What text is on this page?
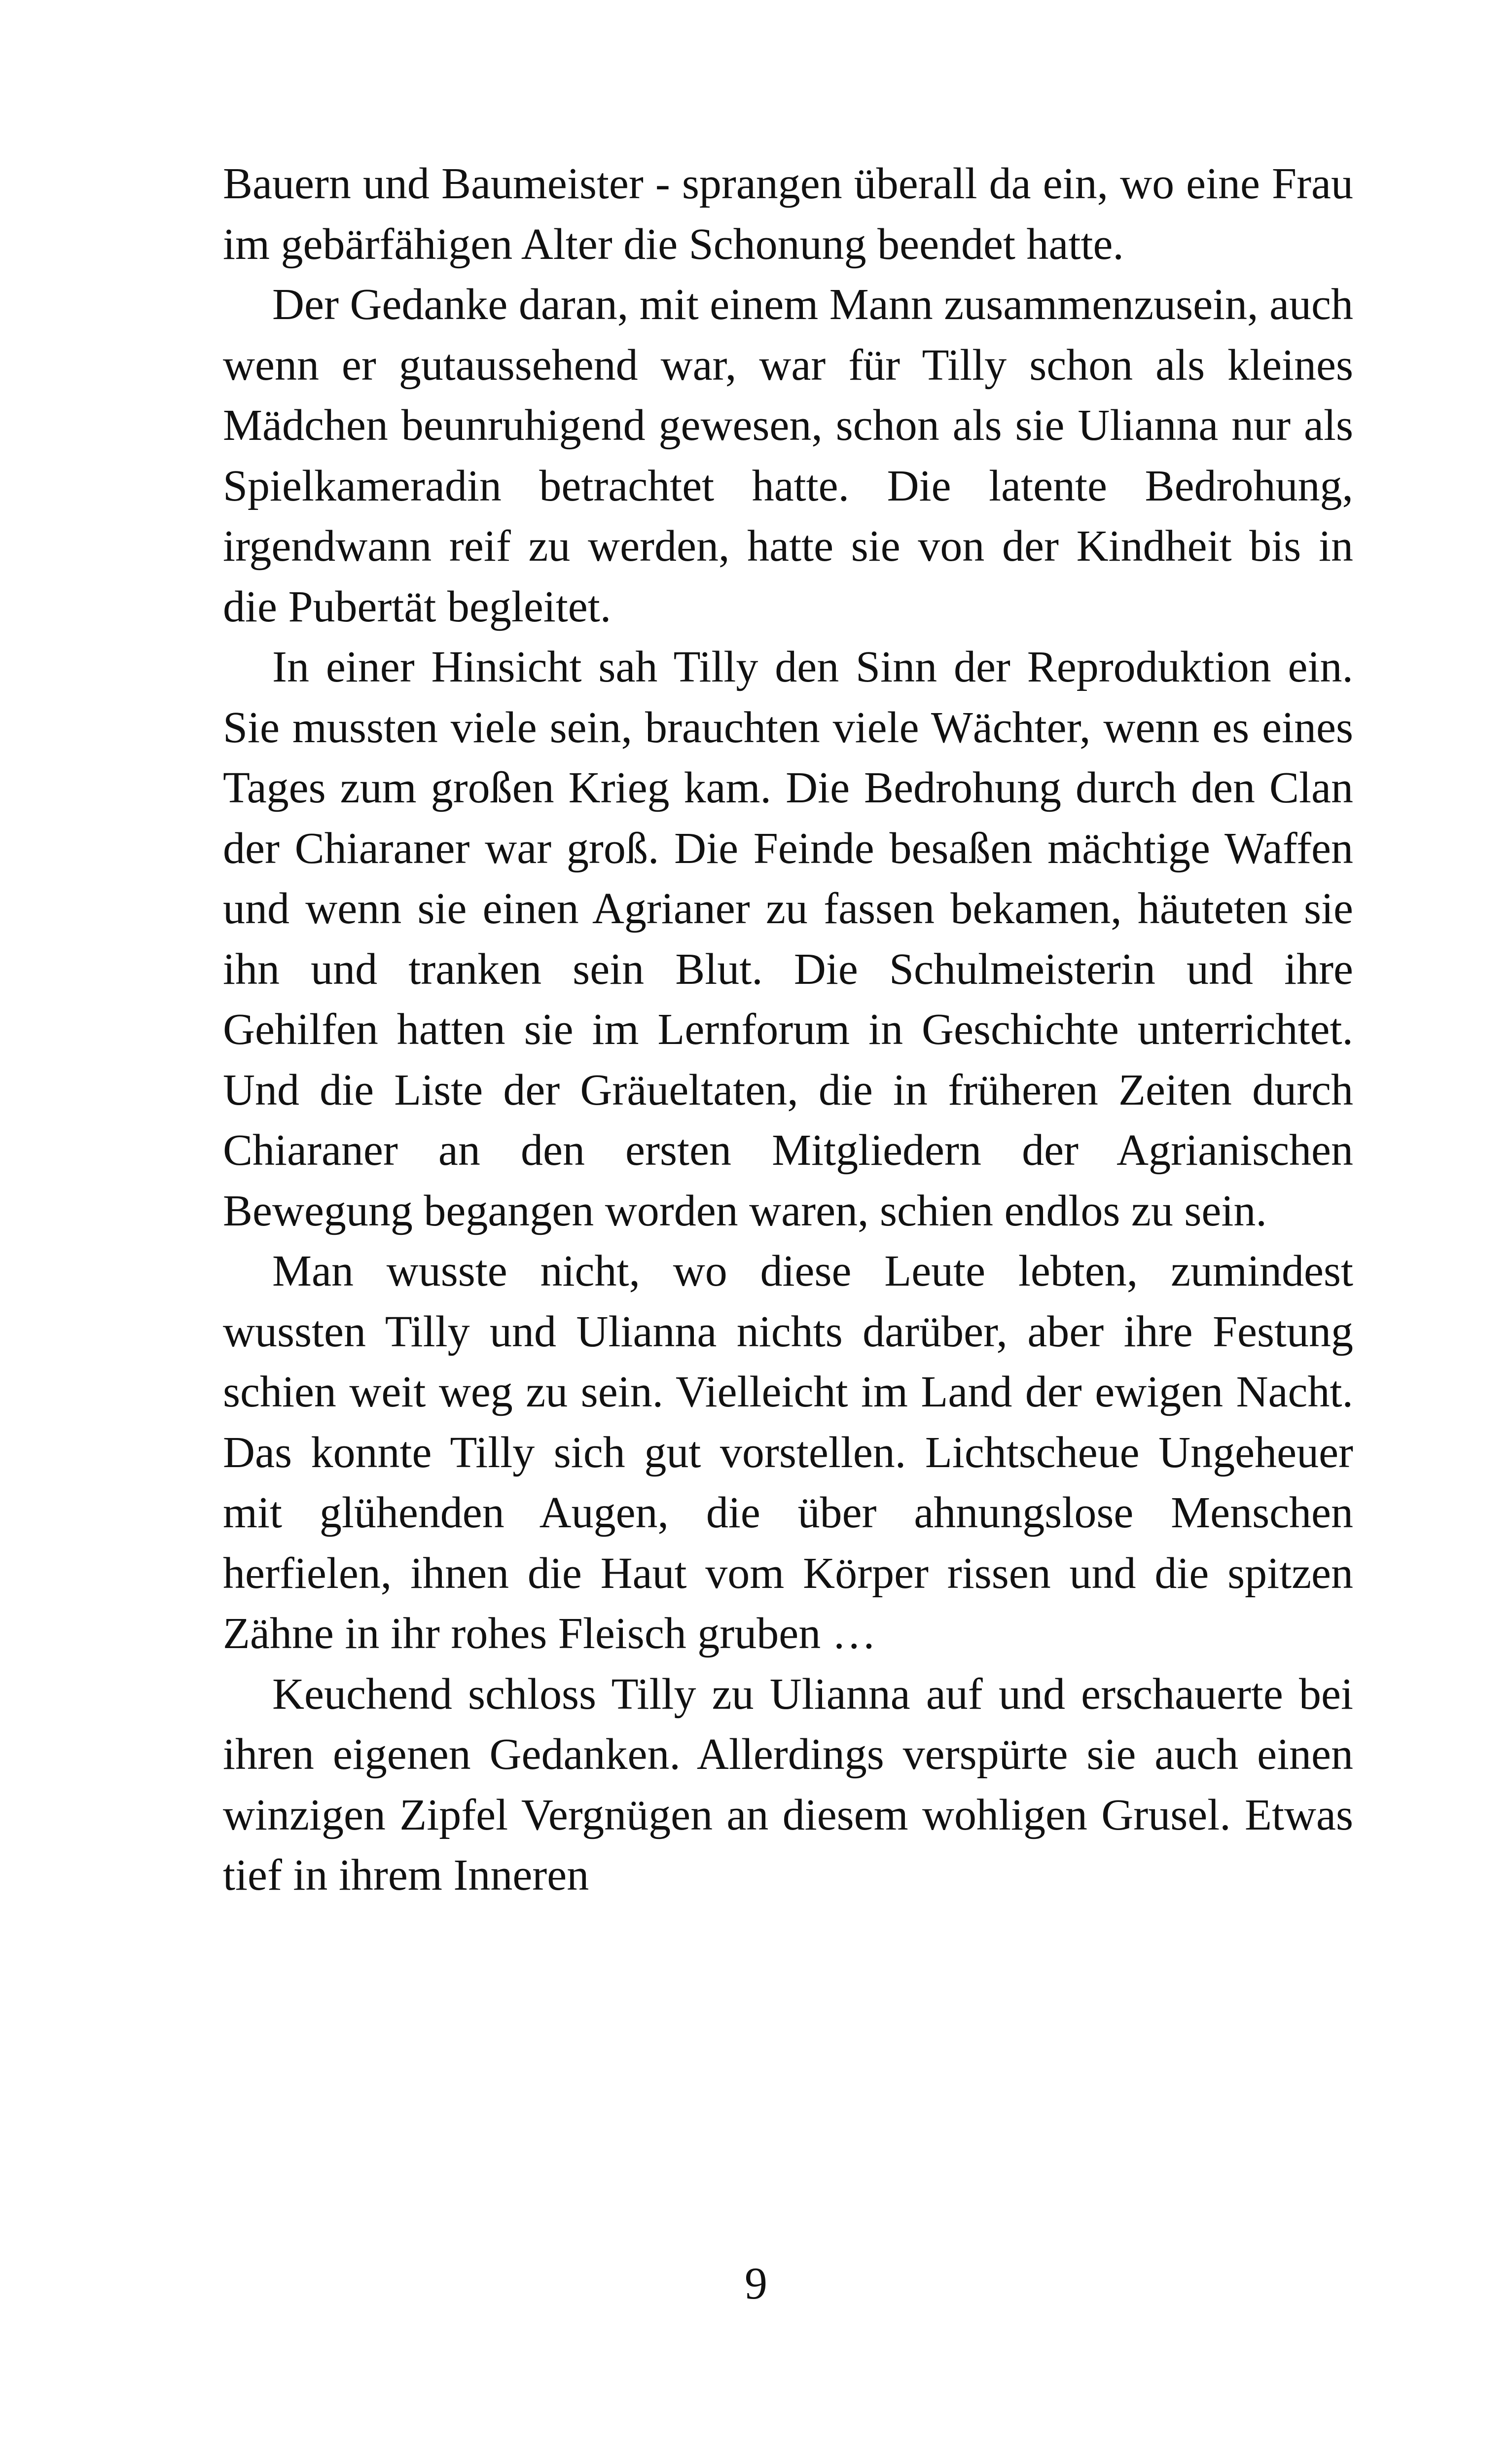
Bauern und Baumeister - sprangen überall da ein, wo eine Frau im gebärfähigen Alter die Schonung beendet hatte.

Der Gedanke daran, mit einem Mann zusammenzusein, auch wenn er gutaussehend war, war für Tilly schon als kleines Mädchen beunruhigend gewesen, schon als sie Ulianna nur als Spielkameradin betrachtet hatte. Die latente Bedrohung, irgendwann reif zu werden, hatte sie von der Kindheit bis in die Pubertät begleitet.

In einer Hinsicht sah Tilly den Sinn der Reproduktion ein. Sie mussten viele sein, brauchten viele Wächter, wenn es eines Tages zum großen Krieg kam. Die Bedrohung durch den Clan der Chiaraner war groß. Die Feinde besaßen mächtige Waffen und wenn sie einen Agrianer zu fassen bekamen, häuteten sie ihn und tranken sein Blut. Die Schulmeisterin und ihre Gehilfen hatten sie im Lernforum in Geschichte unterrichtet. Und die Liste der Gräueltaten, die in früheren Zeiten durch Chiaraner an den ersten Mitgliedern der Agrianischen Bewegung begangen worden waren, schien endlos zu sein.

Man wusste nicht, wo diese Leute lebten, zumindest wussten Tilly und Ulianna nichts darüber, aber ihre Festung schien weit weg zu sein. Vielleicht im Land der ewigen Nacht. Das konnte Tilly sich gut vorstellen. Lichtscheue Ungeheuer mit glühenden Augen, die über ahnungslose Menschen herfielen, ihnen die Haut vom Körper rissen und die spitzen Zähne in ihr rohes Fleisch gruben …

Keuchend schloss Tilly zu Ulianna auf und erschauerte bei ihren eigenen Gedanken. Allerdings verspürte sie auch einen winzigen Zipfel Vergnügen an diesem wohligen Grusel. Etwas tief in ihrem Inneren

9
